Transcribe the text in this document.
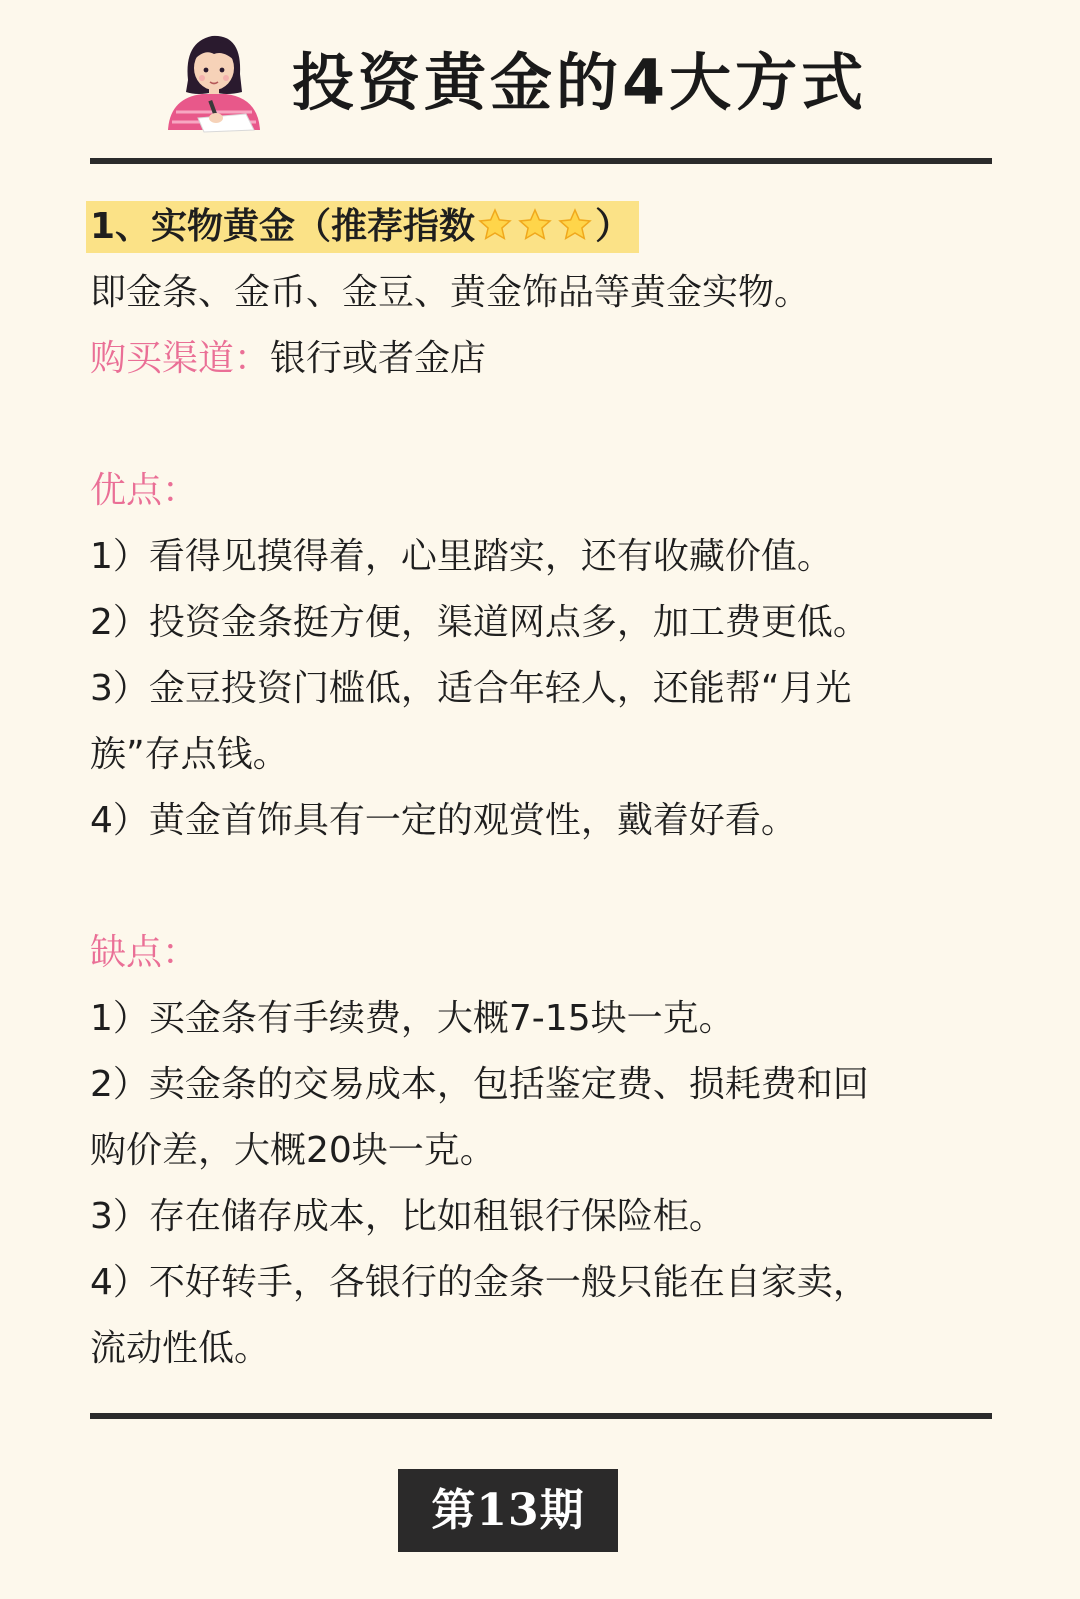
投资黄金的4大方式
1、实物黄金（推荐指数	）
即金条、金币、金豆、黄金饰品等黄金实物。
购买渠道：银行或者金店
优点：
1）看得见摸得着，心里踏实，还有收藏价值。
2）投资金条挺方便，渠道网点多，加工费更低。
3）金豆投资门槛低，适合年轻人，还能帮“月光
族”存点钱。
4）黄金首饰具有一定的观赏性，戴着好看。
缺点：
1）买金条有手续费，大概7-15块一克。
2）卖金条的交易成本，包括鉴定费、损耗费和回
购价差，大概20块一克。
3）存在储存成本，比如租银行保险柜。
4）不好转手，各银行的金条一般只能在自家卖，
流动性低。
第13期
